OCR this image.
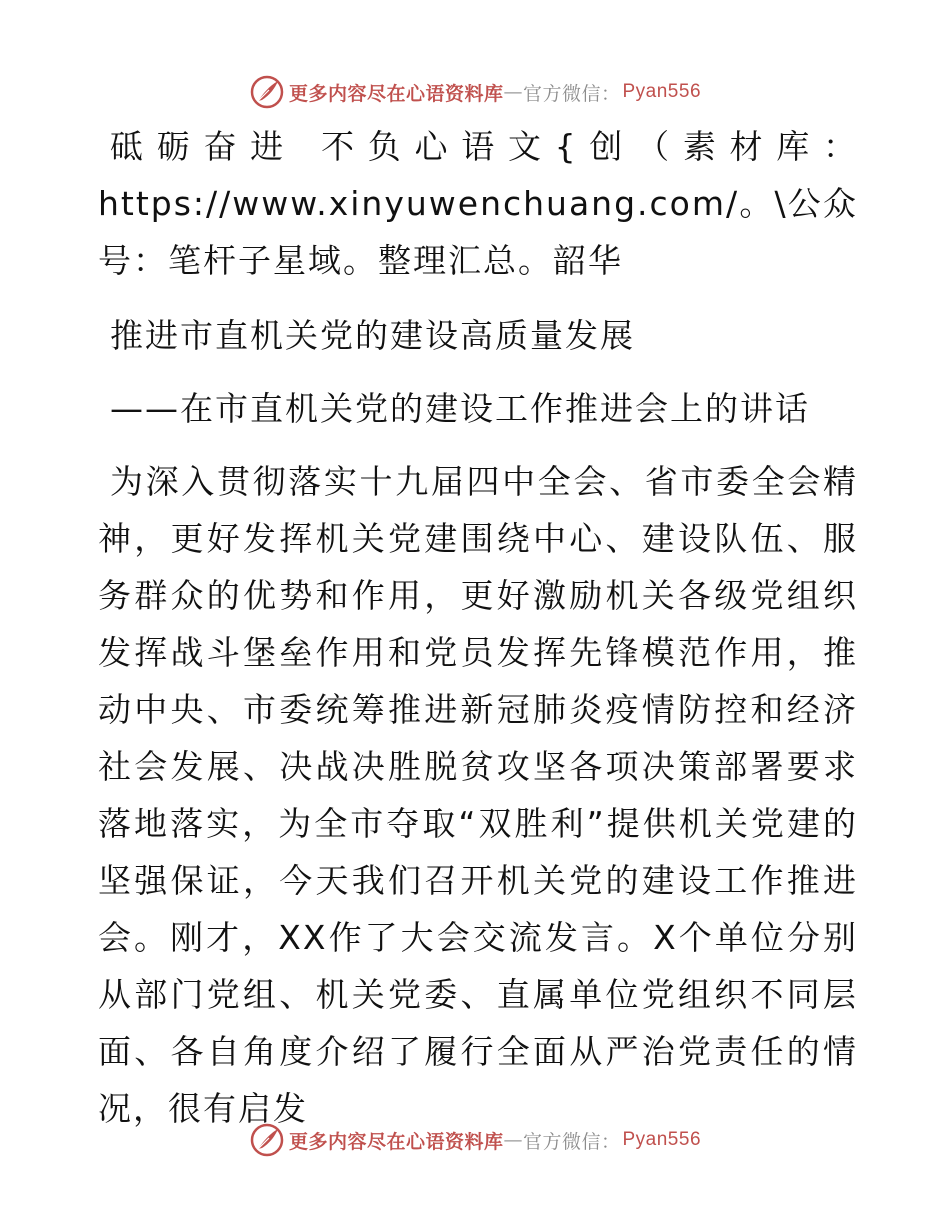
更多内容尽在心语资料库 — 官方微信： Pyan556

砥砺奋进 不负心语文{创（素材库：https://www.xinyuwenchuang.com/。\公众号：笔杆子星域。整理汇总。韶华

推进市直机关党的建设高质量发展

——在市直机关党的建设工作推进会上的讲话

为深入贯彻落实十九届四中全会、省市委全会精神，更好发挥机关党建围绕中心、建设队伍、服务群众的优势和作用，更好激励机关各级党组织发挥战斗堡垒作用和党员发挥先锋模范作用，推动中央、市委统筹推进新冠肺炎疫情防控和经济社会发展、决战决胜脱贫攻坚各项决策部署要求落地落实，为全市夺取“双胜利”提供机关党建的坚强保证，今天我们召开机关党的建设工作推进会。刚才，XX作了大会交流发言。X个单位分别从部门党组、机关党委、直属单位党组织不同层面、各自角度介绍了履行全面从严治党责任的情况，很有启发

更多内容尽在心语资料库 — 官方微信： Pyan556
